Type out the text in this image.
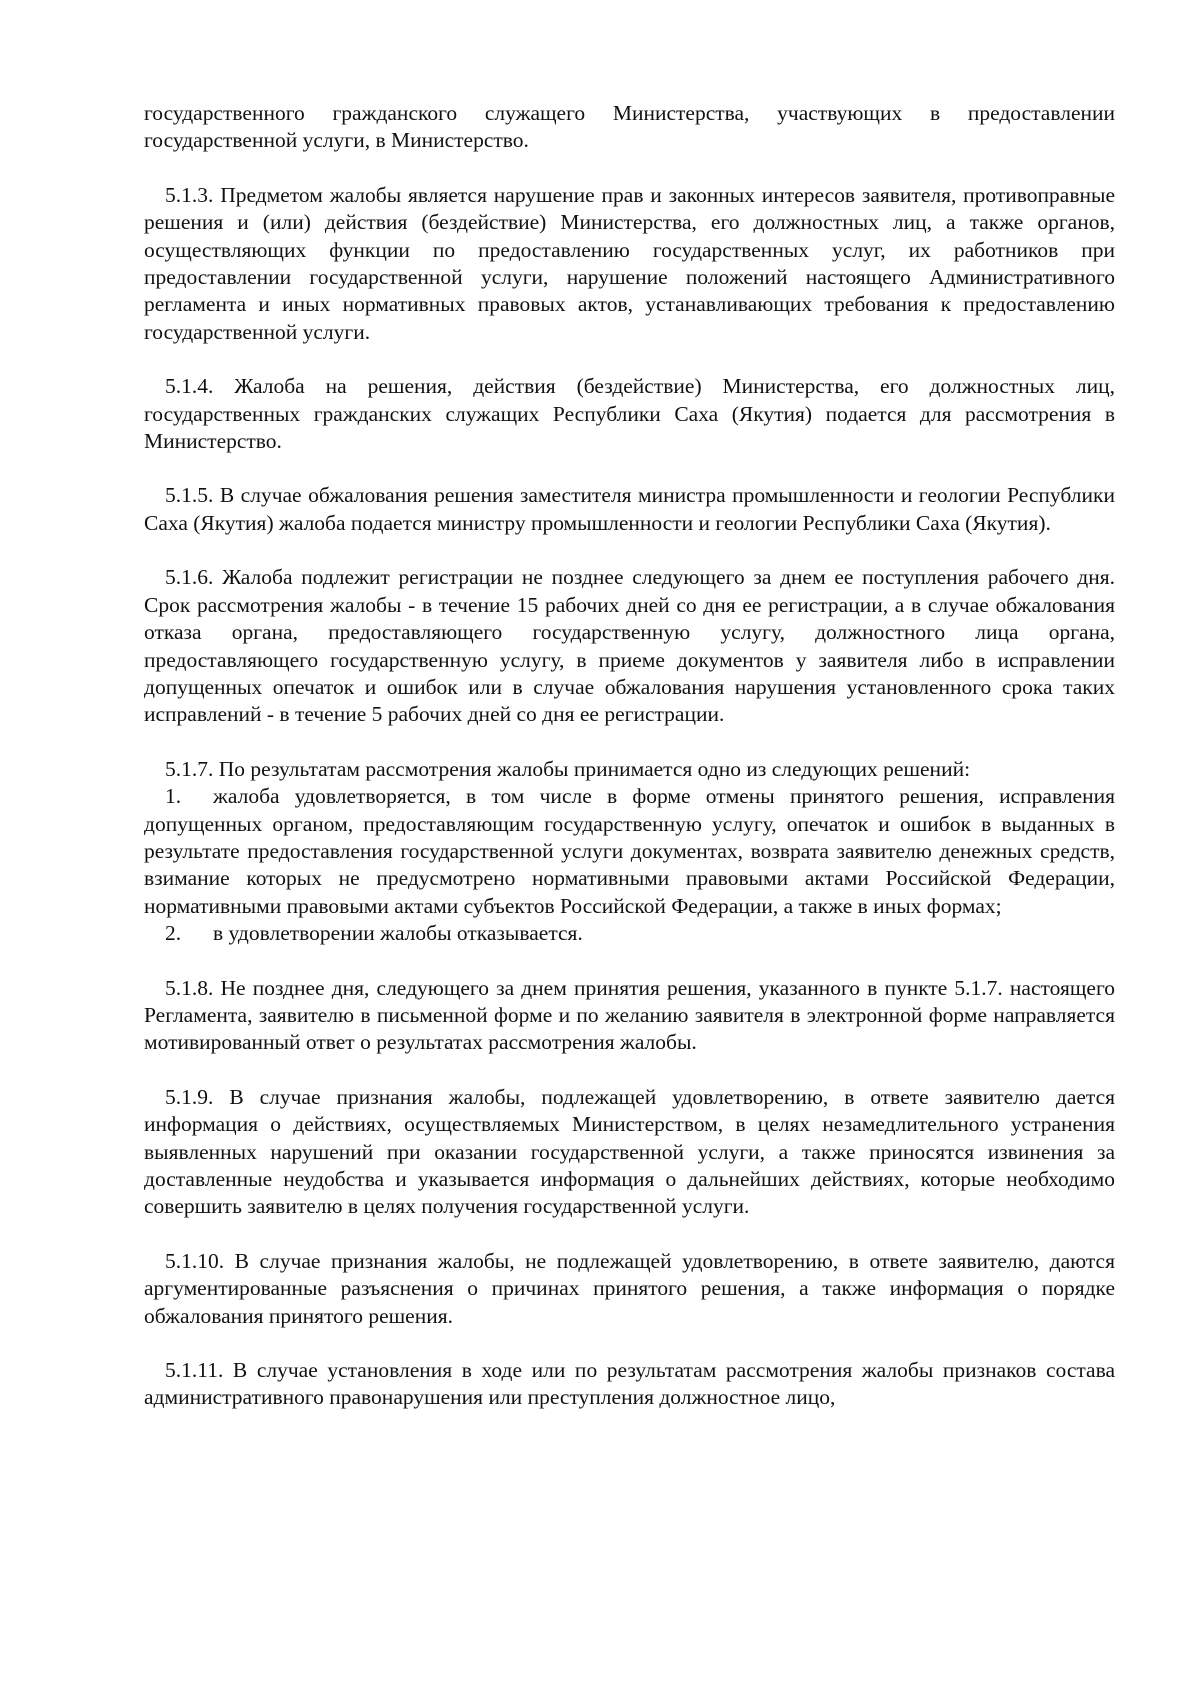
государственного гражданского служащего Министерства, участвующих в предоставлении государственной услуги, в Министерство.

5.1.3. Предметом жалобы является нарушение прав и законных интересов заявителя, противоправные решения и (или) действия (бездействие) Министерства, его должностных лиц, а также органов, осуществляющих функции по предоставлению государственных услуг, их работников при предоставлении государственной услуги, нарушение положений настоящего Административного регламента и иных нормативных правовых актов, устанавливающих требования к предоставлению государственной услуги.

5.1.4. Жалоба на решения, действия (бездействие) Министерства, его должностных лиц, государственных гражданских служащих Республики Саха (Якутия) подается для рассмотрения в Министерство.

5.1.5. В случае обжалования решения заместителя министра промышленности и геологии Республики Саха (Якутия) жалоба подается министру промышленности и геологии Республики Саха (Якутия).

5.1.6. Жалоба подлежит регистрации не позднее следующего за днем ее поступления рабочего дня. Срок рассмотрения жалобы - в течение 15 рабочих дней со дня ее регистрации, а в случае обжалования отказа органа, предоставляющего государственную услугу, должностного лица органа, предоставляющего государственную услугу, в приеме документов у заявителя либо в исправлении допущенных опечаток и ошибок или в случае обжалования нарушения установленного срока таких исправлений - в течение 5 рабочих дней со дня ее регистрации.

5.1.7. По результатам рассмотрения жалобы принимается одно из следующих решений:

1. жалоба удовлетворяется, в том числе в форме отмены принятого решения, исправления допущенных органом, предоставляющим государственную услугу, опечаток и ошибок в выданных в результате предоставления государственной услуги документах, возврата заявителю денежных средств, взимание которых не предусмотрено нормативными правовыми актами Российской Федерации, нормативными правовыми актами субъектов Российской Федерации, а также в иных формах;

2. в удовлетворении жалобы отказывается.

5.1.8. Не позднее дня, следующего за днем принятия решения, указанного в пункте 5.1.7. настоящего Регламента, заявителю в письменной форме и по желанию заявителя в электронной форме направляется мотивированный ответ о результатах рассмотрения жалобы.

5.1.9. В случае признания жалобы, подлежащей удовлетворению, в ответе заявителю дается информация о действиях, осуществляемых Министерством, в целях незамедлительного устранения выявленных нарушений при оказании государственной услуги, а также приносятся извинения за доставленные неудобства и указывается информация о дальнейших действиях, которые необходимо совершить заявителю в целях получения государственной услуги.

5.1.10. В случае признания жалобы, не подлежащей удовлетворению, в ответе заявителю, даются аргументированные разъяснения о причинах принятого решения, а также информация о порядке обжалования принятого решения.

5.1.11. В случае установления в ходе или по результатам рассмотрения жалобы признаков состава административного правонарушения или преступления должностное лицо,
